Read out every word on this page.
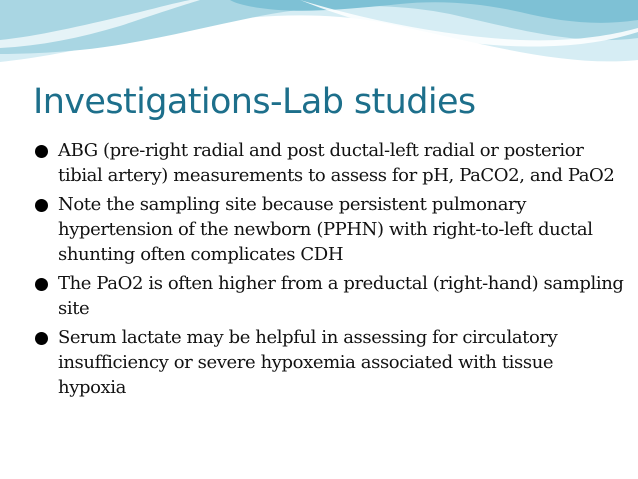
Investigations-Lab studies
ABG (pre-right radial and post ductal-left radial or posterior tibial artery) measurements to assess for pH, PaCO2, and PaO2
Note the sampling site because persistent pulmonary hypertension of the newborn (PPHN) with right-to-left ductal shunting often complicates CDH
The PaO2 is often higher from a preductal (right-hand) sampling site
Serum lactate may be helpful in assessing for circulatory insufficiency or severe hypoxemia associated with tissue hypoxia
